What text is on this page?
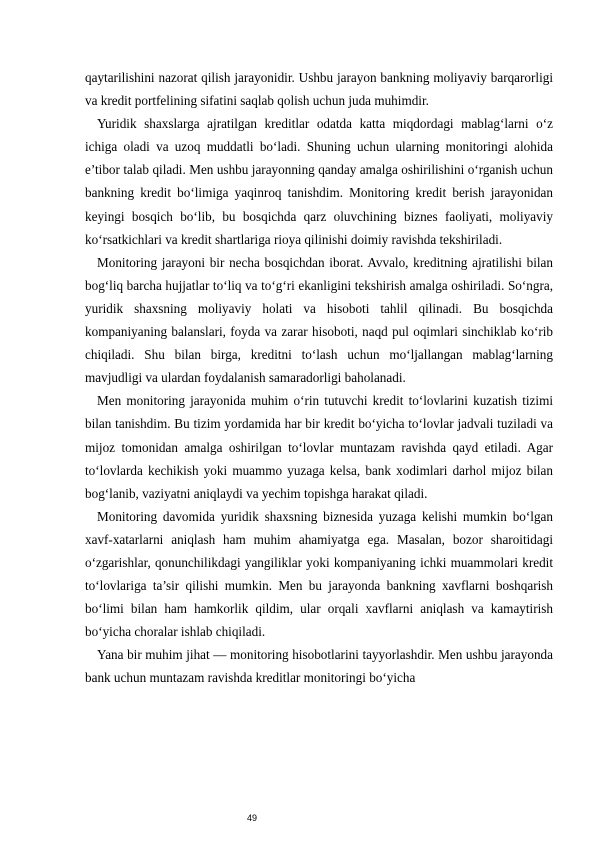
qaytarilishini nazorat qilish jarayonidir. Ushbu jarayon bankning moliyaviy barqarorligi va kredit portfelining sifatini saqlab qolish uchun juda muhimdir.

Yuridik shaxslarga ajratilgan kreditlar odatda katta miqdordagi mablag‘larni o‘z ichiga oladi va uzoq muddatli bo‘ladi. Shuning uchun ularning monitoringi alohida e’tibor talab qiladi. Men ushbu jarayonning qanday amalga oshirilishini o‘rganish uchun bankning kredit bo‘limiga yaqinroq tanishdim. Monitoring kredit berish jarayonidan keyingi bosqich bo‘lib, bu bosqichda qarz oluvchining biznes faoliyati, moliyaviy ko‘rsatkichlari va kredit shartlariga rioya qilinishi doimiy ravishda tekshiriladi.

Monitoring jarayoni bir necha bosqichdan iborat. Avvalo, kreditning ajratilishi bilan bog‘liq barcha hujjatlar to‘liq va to‘g‘ri ekanligini tekshirish amalga oshiriladi. So‘ngra, yuridik shaxsning moliyaviy holati va hisoboti tahlil qilinadi. Bu bosqichda kompaniyaning balanslari, foyda va zarar hisoboti, naqd pul oqimlari sinchiklab ko‘rib chiqiladi. Shu bilan birga, kreditni to‘lash uchun mo‘ljallangan mablag‘larning mavjudligi va ulardan foydalanish samaradorligi baholanadi.

Men monitoring jarayonida muhim o‘rin tutuvchi kredit to‘lovlarini kuzatish tizimi bilan tanishdim. Bu tizim yordamida har bir kredit bo‘yicha to‘lovlar jadvali tuziladi va mijoz tomonidan amalga oshirilgan to‘lovlar muntazam ravishda qayd etiladi. Agar to‘lovlarda kechikish yoki muammo yuzaga kelsa, bank xodimlari darhol mijoz bilan bog‘lanib, vaziyatni aniqlaydi va yechim topishga harakat qiladi.

Monitoring davomida yuridik shaxsning biznesida yuzaga kelishi mumkin bo‘lgan xavf-xatarlarni aniqlash ham muhim ahamiyatga ega. Masalan, bozor sharoitidagi o‘zgarishlar, qonunchilikdagi yangiliklar yoki kompaniyaning ichki muammolari kredit to‘lovlariga ta’sir qilishi mumkin. Men bu jarayonda bankning xavflarni boshqarish bo‘limi bilan ham hamkorlik qildim, ular orqali xavflarni aniqlash va kamaytirish bo‘yicha choralar ishlab chiqiladi.

Yana bir muhim jihat — monitoring hisobotlarini tayyorlashdir. Men ushbu jarayonda bank uchun muntazam ravishda kreditlar monitoringi bo‘yicha

49
